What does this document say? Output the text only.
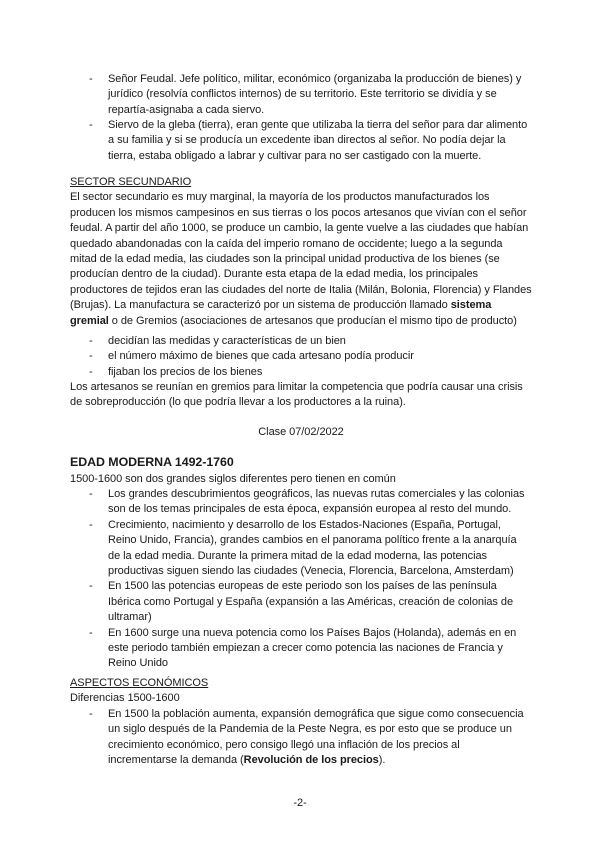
- Señor Feudal. Jefe político, militar, económico (organizaba la producción de bienes) y jurídico (resolvía conflictos internos) de su territorio. Este territorio se dividía y se repartía-asignaba a cada siervo.
- Siervo de la gleba (tierra), eran gente que utilizaba la tierra del señor para dar alimento a su familia y si se producía un excedente iban directos al señor. No podía dejar la tierra, estaba obligado a labrar y cultivar para no ser castigado con la muerte.

SECTOR SECUNDARIO

El sector secundario es muy marginal, la mayoría de los productos manufacturados los producen los mismos campesinos en sus tierras o los pocos artesanos que vivían con el señor feudal. A partir del año 1000, se produce un cambio, la gente vuelve a las ciudades que habían quedado abandonadas con la caída del imperio romano de occidente; luego a la segunda mitad de la edad media, las ciudades son la principal unidad productiva de los bienes (se producían dentro de la ciudad). Durante esta etapa de la edad media, los principales productores de tejidos eran las ciudades del norte de Italia (Milán, Bolonia, Florencia) y Flandes (Brujas). La manufactura se caracterizó por un sistema de producción llamado sistema gremial o de Gremios (asociaciones de artesanos que producían el mismo tipo de producto)

- decidían las medidas y características de un bien
- el número máximo de bienes que cada artesano podía producir
- fijaban los precios de los bienes

Los artesanos se reunían en gremios para limitar la competencia que podría causar una crisis de sobreproducción (lo que podría llevar a los productores a la ruina).

Clase 07/02/2022

EDAD MODERNA 1492-1760

1500-1600 son dos grandes siglos diferentes pero tienen en común

- Los grandes descubrimientos geográficos, las nuevas rutas comerciales y las colonias son de los temas principales de esta época, expansión europea al resto del mundo.
- Crecimiento, nacimiento y desarrollo de los Estados-Naciones (España, Portugal, Reino Unido, Francia), grandes cambios en el panorama político frente a la anarquía de la edad media. Durante la primera mitad de la edad moderna, las potencias productivas siguen siendo las ciudades (Venecia, Florencia, Barcelona, Amsterdam)
- En 1500 las potencias europeas de este periodo son los países de las península Ibérica como Portugal y España (expansión a las Américas, creación de colonias de ultramar)
- En 1600 surge una nueva potencia como los Países Bajos (Holanda), además en en este periodo también empiezan a crecer como potencia las naciones de Francia y Reino Unido

ASPECTOS ECONÓMICOS

Diferencias 1500-1600

- En 1500 la población aumenta, expansión demográfica que sigue como consecuencia un siglo después de la Pandemia de la Peste Negra, es por esto que se produce un crecimiento económico, pero consigo llegó una inflación de los precios al incrementarse la demanda (Revolución de los precios).
-2-
